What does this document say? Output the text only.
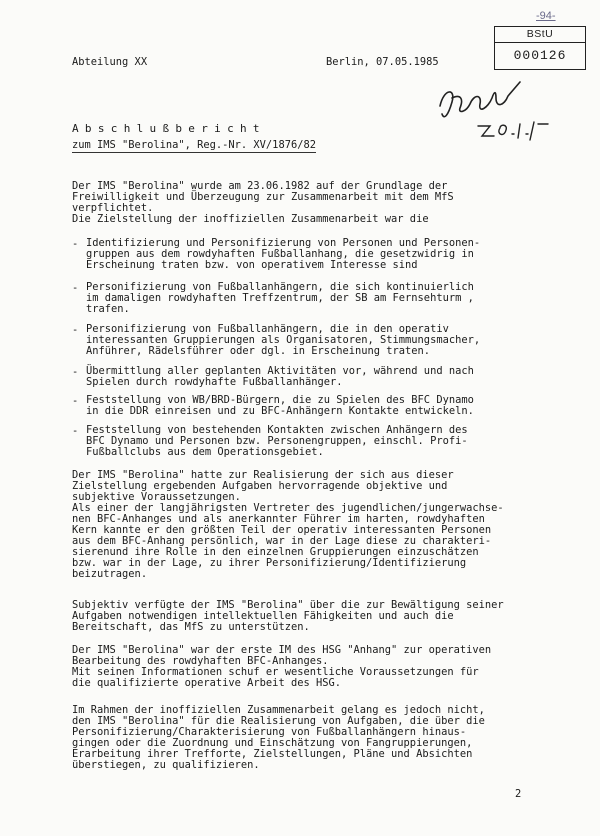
-94-
BStU
000126
Abteilung XX	Berlin, 07.05.1985
Abschlußbericht
zum IMS "Berolina", Reg.-Nr. XV/1876/82
Der IMS "Berolina" wurde am 23.06.1982 auf der Grundlage der
Freiwilligkeit und Überzeugung zur Zusammenarbeit mit dem MfS
verpflichtet.
Die Zielstellung der inoffiziellen Zusammenarbeit war die
- Identifizierung und Personifizierung von Personen und Personen-
gruppen aus dem rowdyhaften Fußballanhang, die gesetzwidrig in
Erscheinung traten bzw. von operativem Interesse sind
- Personifizierung von Fußballanhängern, die sich kontinuierlich
im damaligen rowdyhaften Treffzentrum, der SB am Fernsehturm ,
trafen.
- Personifizierung von Fußballanhängern, die in den operativ
interessanten Gruppierungen als Organisatoren, Stimmungsmacher,
Anführer, Rädelsführer oder dgl. in Erscheinung traten.
- Übermittlung aller geplanten Aktivitäten vor, während und nach
Spielen durch rowdyhafte Fußballanhänger.
- Feststellung von WB/BRD-Bürgern, die zu Spielen des BFC Dynamo
in die DDR einreisen und zu BFC-Anhängern Kontakte entwickeln.
- Feststellung von bestehenden Kontakten zwischen Anhängern des
BFC Dynamo und Personen bzw. Personengruppen, einschl. Profi-
Fußballclubs aus dem Operationsgebiet.
Der IMS "Berolina" hatte zur Realisierung der sich aus dieser
Zielstellung ergebenden Aufgaben hervorragende objektive und
subjektive Voraussetzungen.
Als einer der langjährigsten Vertreter des jugendlichen/jungerwachse-
nen BFC-Anhanges und als anerkannter Führer im harten, rowdyhaften
Kern kannte er den größten Teil der operativ interessanten Personen
aus dem BFC-Anhang persönlich, war in der Lage diese zu charakteri-
sierenund ihre Rolle in den einzelnen Gruppierungen einzuschätzen
bzw. war in der Lage, zu ihrer Personifizierung/Identifizierung
beizutragen.
Subjektiv verfügte der IMS "Berolina" über die zur Bewältigung seiner
Aufgaben notwendigen intellektuellen Fähigkeiten und auch die
Bereitschaft, das MfS zu unterstützen.
Der IMS "Berolina" war der erste IM des HSG "Anhang" zur operativen
Bearbeitung des rowdyhaften BFC-Anhanges.
Mit seinen Informationen schuf er wesentliche Voraussetzungen für
die qualifizierte operative Arbeit des HSG.
Im Rahmen der inoffiziellen Zusammenarbeit gelang es jedoch nicht,
den IMS "Berolina" für die Realisierung von Aufgaben, die über die
Personifizierung/Charakterisierung von Fußballanhängern hinaus-
gingen oder die Zuordnung und Einschätzung von Fangruppierungen,
Erarbeitung ihrer Trefforte, Zielstellungen, Pläne und Absichten
überstiegen, zu qualifizieren.
2
